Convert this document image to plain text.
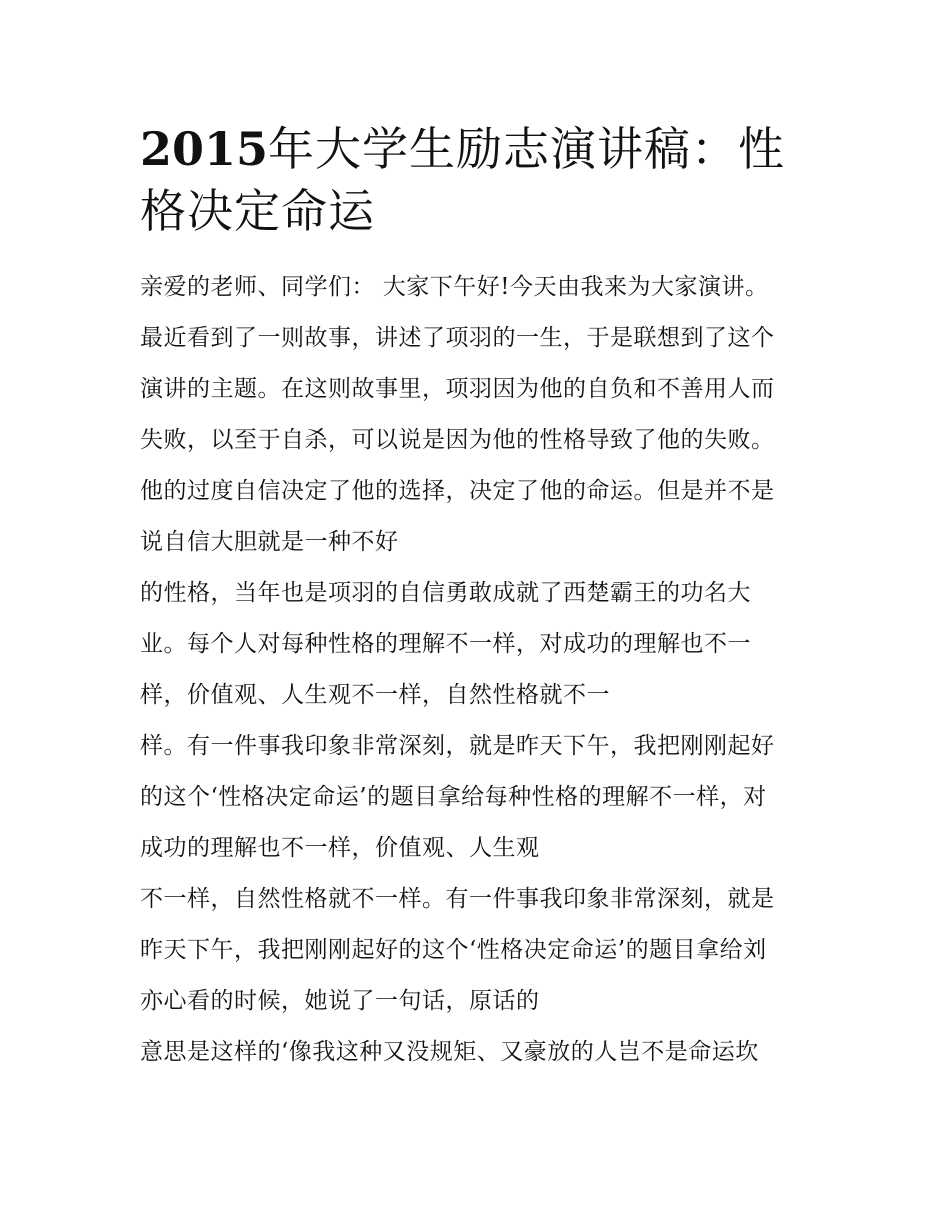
2015年大学生励志演讲稿：性
格决定命运

亲爱的老师、同学们： 大家下午好!今天由我来为大家演讲。

最近看到了一则故事，讲述了项羽的一生，于是联想到了这个

演讲的主题。在这则故事里，项羽因为他的自负和不善用人而

失败，以至于自杀，可以说是因为他的性格导致了他的失败。

他的过度自信决定了他的选择，决定了他的命运。但是并不是

说自信大胆就是一种不好

的性格，当年也是项羽的自信勇敢成就了西楚霸王的功名大

业。每个人对每种性格的理解不一样，对成功的理解也不一

样，价值观、人生观不一样，自然性格就不一

样。有一件事我印象非常深刻，就是昨天下午，我把刚刚起好

的这个‘性格决定命运’的题目拿给每种性格的理解不一样，对

成功的理解也不一样，价值观、人生观

不一样，自然性格就不一样。有一件事我印象非常深刻，就是

昨天下午，我把刚刚起好的这个‘性格决定命运’的题目拿给刘

亦心看的时候，她说了一句话，原话的

意思是这样的‘像我这种又没规矩、又豪放的人岂不是命运坎
